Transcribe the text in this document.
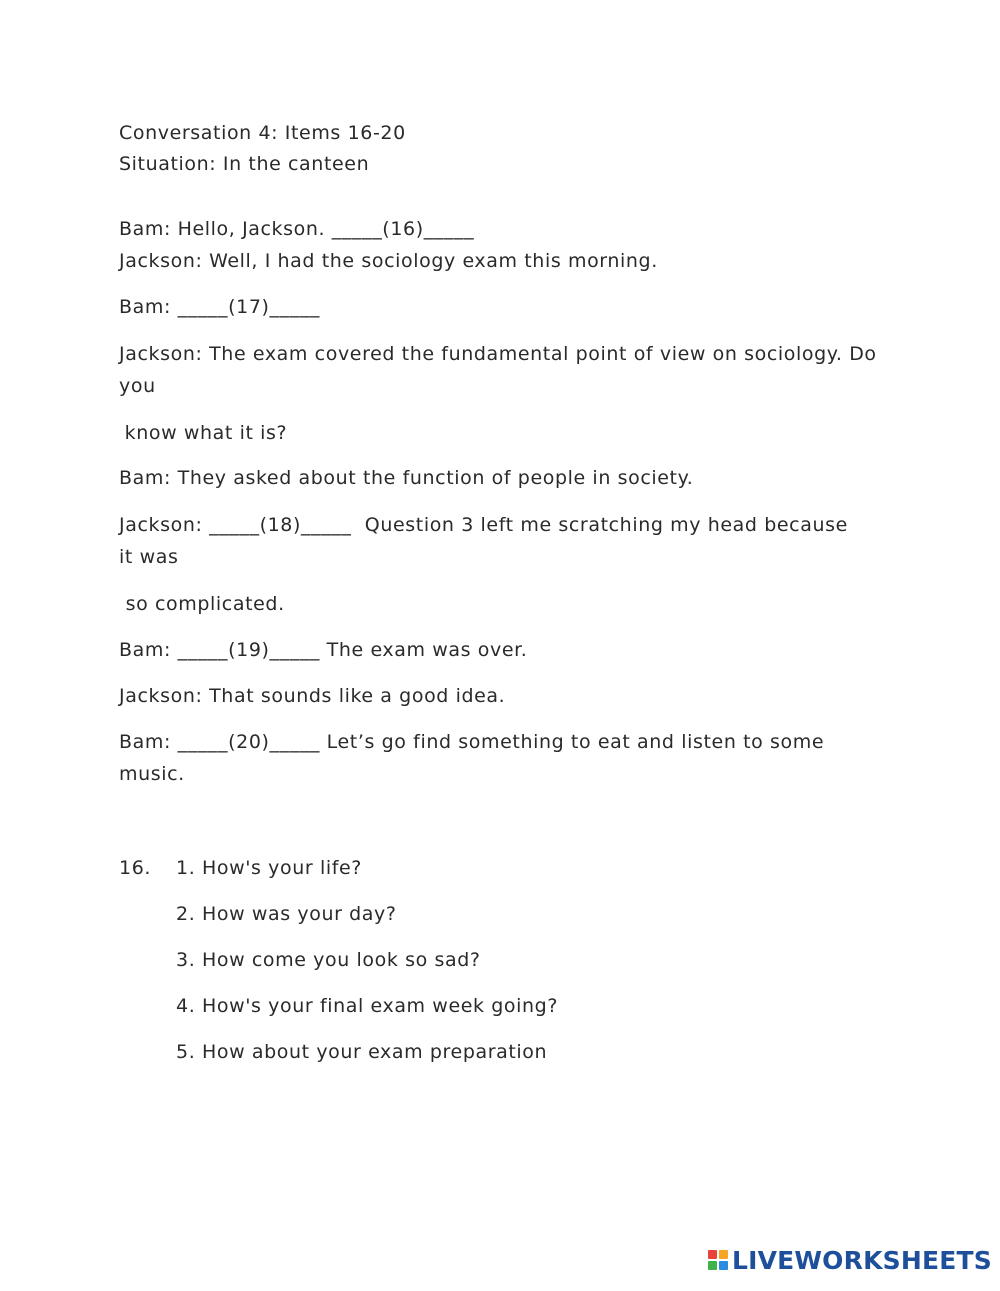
Conversation 4: Items 16-20
Situation: In the canteen
Bam: Hello, Jackson. _____(16)_____
Jackson: Well, I had the sociology exam this morning.
Bam: _____(17)_____
Jackson: The exam covered the fundamental point of view on sociology. Do
you
know what it is?
Bam: They asked about the function of people in society.
Jackson: _____(18)_____  Question 3 left me scratching my head because
it was
so complicated.
Bam: _____(19)_____ The exam was over.
Jackson: That sounds like a good idea.
Bam: _____(20)_____ Let’s go find something to eat and listen to some
music.
16. 1. How's your life?
2. How was your day?
3. How come you look so sad?
4. How's your final exam week going?
5. How about your exam preparation
LIVEWORKSHEETS
